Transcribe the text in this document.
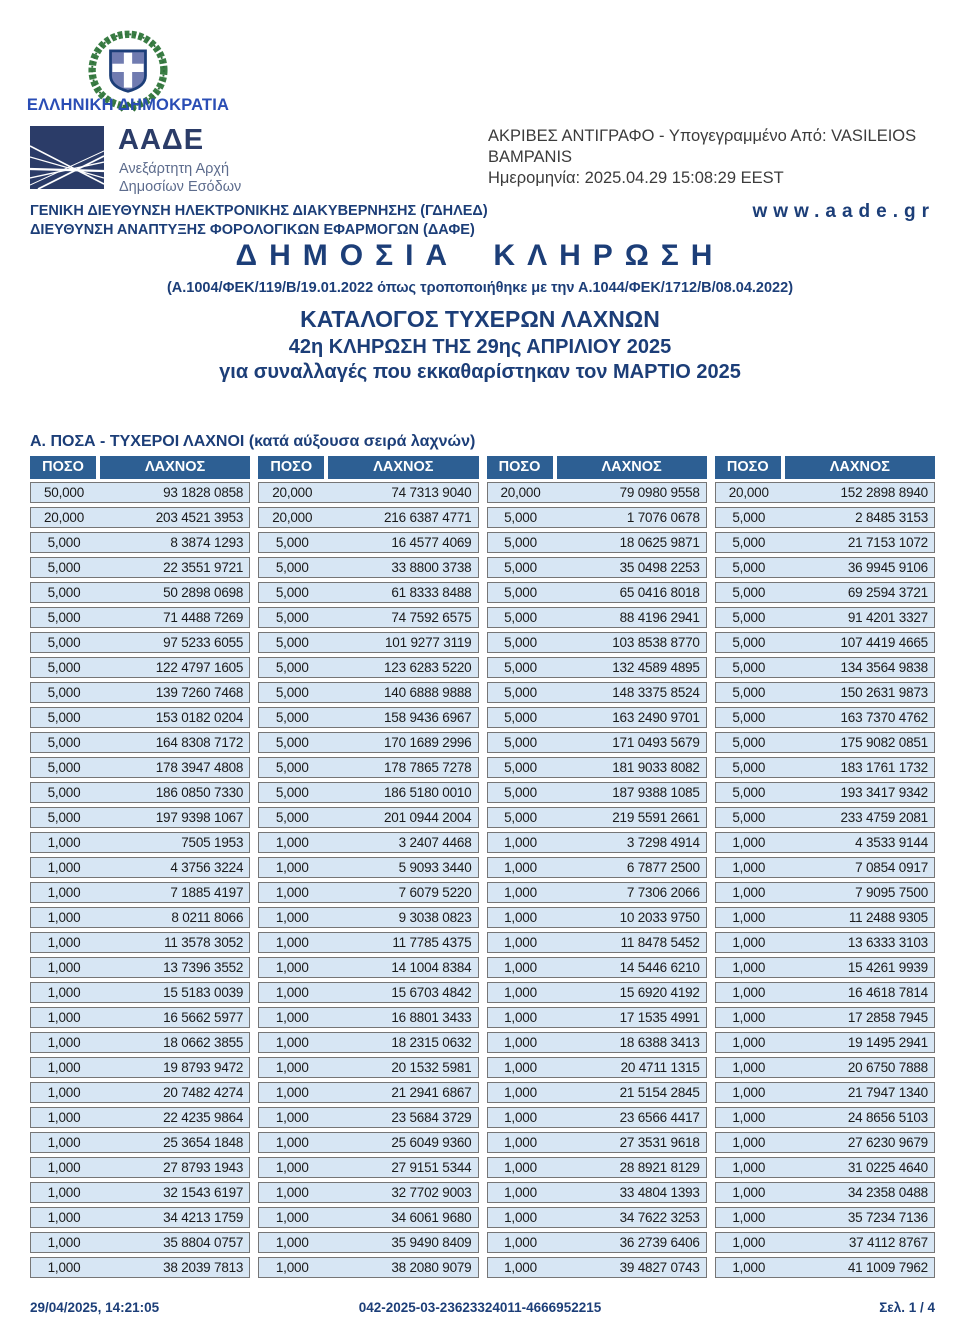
ΕΛΛΗΝΙΚΗ ΔΗΜΟΚΡΑΤΙΑ
ΑΑΔΕ
Ανεξάρτητη Αρχή
Δημοσίων Εσόδων
ΑΚΡΙΒΕΣ ΑΝΤΙΓΡΑΦΟ - Υπογεγραμμένο Από: VASILEIOS BAMPANIS
Ημερομηνία: 2025.04.29 15:08:29 EEST
ΓΕΝΙΚΗ ΔΙΕΥΘΥΝΣΗ ΗΛΕΚΤΡΟΝΙΚΗΣ ΔΙΑΚΥΒΕΡΝΗΣΗΣ (ΓΔΗΛΕΔ)
ΔΙΕΥΘΥΝΣΗ ΑΝΑΠΤΥΞΗΣ ΦΟΡΟΛΟΓΙΚΩΝ ΕΦΑΡΜΟΓΩΝ (ΔΑΦΕ)
www.aade.gr
ΔΗΜΟΣΙΑ ΚΛΗΡΩΣΗ
(Α.1004/ΦΕΚ/119/Β/19.01.2022 όπως τροποποιήθηκε με την Α.1044/ΦΕΚ/1712/Β/08.04.2022)
ΚΑΤΑΛΟΓΟΣ ΤΥΧΕΡΩΝ ΛΑΧΝΩΝ
42η ΚΛΗΡΩΣΗ ΤΗΣ 29ης ΑΠΡΙΛΙΟΥ 2025
για συναλλαγές που εκκαθαρίστηκαν τον ΜΑΡΤΙΟ 2025
Α. ΠΟΣΑ - ΤΥΧΕΡΟΙ ΛΑΧΝΟΙ (κατά αύξουσα σειρά λαχνών)
ΠΟΣΟ	ΛΑΧΝΟΣ
50,000	93 1828 0858
20,000	203 4521 3953
5,000	8 3874 1293
5,000	22 3551 9721
5,000	50 2898 0698
5,000	71 4488 7269
5,000	97 5233 6055
5,000	122 4797 1605
5,000	139 7260 7468
5,000	153 0182 0204
5,000	164 8308 7172
5,000	178 3947 4808
5,000	186 0850 7330
5,000	197 9398 1067
1,000	7505 1953
1,000	4 3756 3224
1,000	7 1885 4197
1,000	8 0211 8066
1,000	11 3578 3052
1,000	13 7396 3552
1,000	15 5183 0039
1,000	16 5662 5977
1,000	18 0662 3855
1,000	19 8793 9472
1,000	20 7482 4274
1,000	22 4235 9864
1,000	25 3654 1848
1,000	27 8793 1943
1,000	32 1543 6197
1,000	34 4213 1759
1,000	35 8804 0757
1,000	38 2039 7813
ΠΟΣΟ	ΛΑΧΝΟΣ
20,000	74 7313 9040
20,000	216 6387 4771
5,000	16 4577 4069
5,000	33 8800 3738
5,000	61 8333 8488
5,000	74 7592 6575
5,000	101 9277 3119
5,000	123 6283 5220
5,000	140 6888 9888
5,000	158 9436 6967
5,000	170 1689 2996
5,000	178 7865 7278
5,000	186 5180 0010
5,000	201 0944 2004
1,000	3 2407 4468
1,000	5 9093 3440
1,000	7 6079 5220
1,000	9 3038 0823
1,000	11 7785 4375
1,000	14 1004 8384
1,000	15 6703 4842
1,000	16 8801 3433
1,000	18 2315 0632
1,000	20 1532 5981
1,000	21 2941 6867
1,000	23 5684 3729
1,000	25 6049 9360
1,000	27 9151 5344
1,000	32 7702 9003
1,000	34 6061 9680
1,000	35 9490 8409
1,000	38 2080 9079
ΠΟΣΟ	ΛΑΧΝΟΣ
20,000	79 0980 9558
5,000	1 7076 0678
5,000	18 0625 9871
5,000	35 0498 2253
5,000	65 0416 8018
5,000	88 4196 2941
5,000	103 8538 8770
5,000	132 4589 4895
5,000	148 3375 8524
5,000	163 2490 9701
5,000	171 0493 5679
5,000	181 9033 8082
5,000	187 9388 1085
5,000	219 5591 2661
1,000	3 7298 4914
1,000	6 7877 2500
1,000	7 7306 2066
1,000	10 2033 9750
1,000	11 8478 5452
1,000	14 5446 6210
1,000	15 6920 4192
1,000	17 1535 4991
1,000	18 6388 3413
1,000	20 4711 1315
1,000	21 5154 2845
1,000	23 6566 4417
1,000	27 3531 9618
1,000	28 8921 8129
1,000	33 4804 1393
1,000	34 7622 3253
1,000	36 2739 6406
1,000	39 4827 0743
ΠΟΣΟ	ΛΑΧΝΟΣ
20,000	152 2898 8940
5,000	2 8485 3153
5,000	21 7153 1072
5,000	36 9945 9106
5,000	69 2594 3721
5,000	91 4201 3327
5,000	107 4419 4665
5,000	134 3564 9838
5,000	150 2631 9873
5,000	163 7370 4762
5,000	175 9082 0851
5,000	183 1761 1732
5,000	193 3417 9342
5,000	233 4759 2081
1,000	4 3533 9144
1,000	7 0854 0917
1,000	7 9095 7500
1,000	11 2488 9305
1,000	13 6333 3103
1,000	15 4261 9939
1,000	16 4618 7814
1,000	17 2858 7945
1,000	19 1495 2941
1,000	20 6750 7888
1,000	21 7947 1340
1,000	24 8656 5103
1,000	27 6230 9679
1,000	31 0225 4640
1,000	34 2358 0488
1,000	35 7234 7136
1,000	37 4112 8767
1,000	41 1009 7962
29/04/2025, 14:21:05	042-2025-03-23623324011-4666952215	Σελ. 1 / 4
